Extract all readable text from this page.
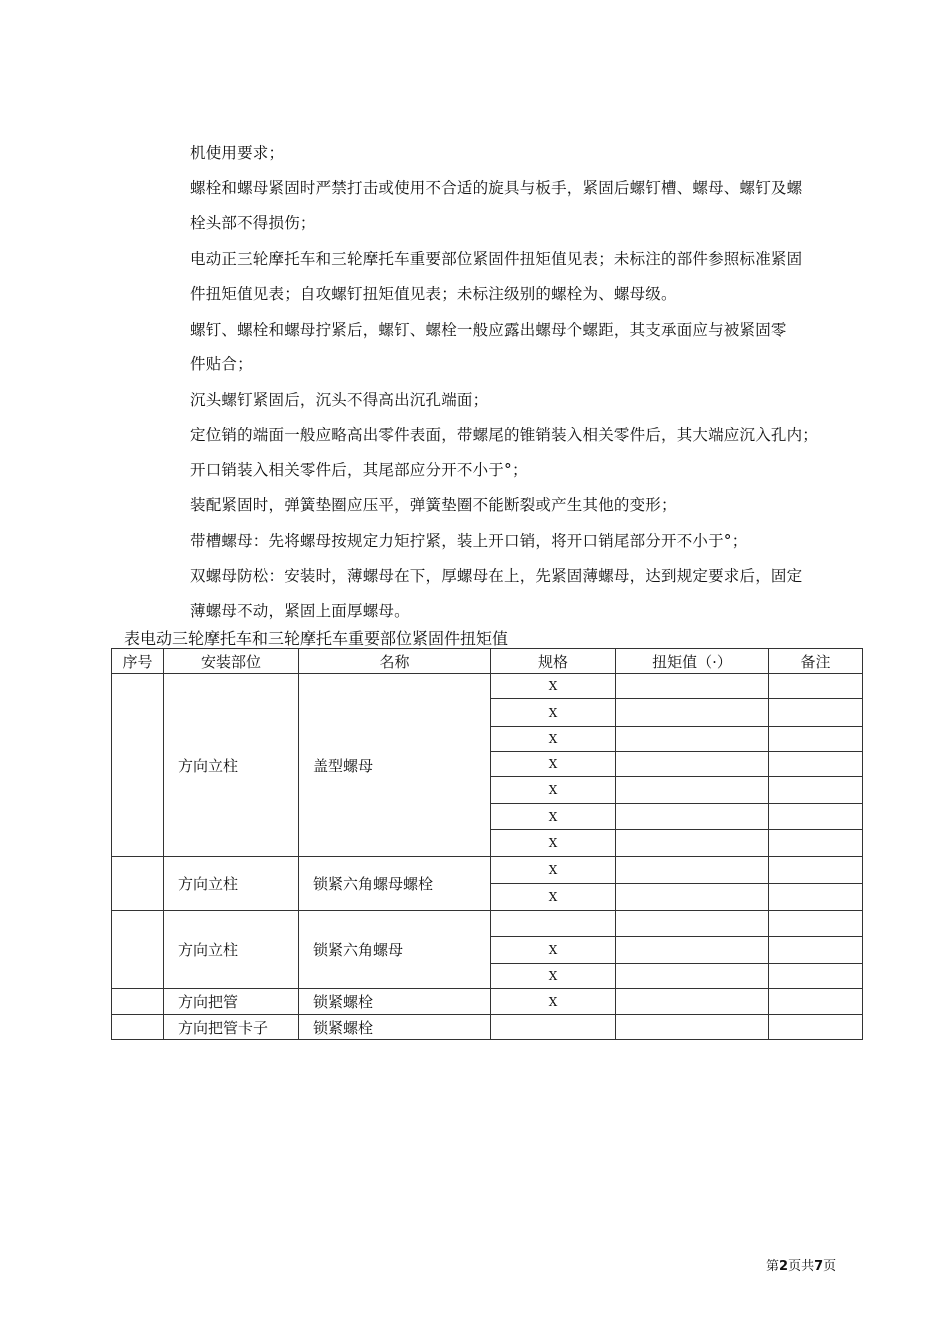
机使用要求；
螺栓和螺母紧固时严禁打击或使用不合适的旋具与板手，紧固后螺钉槽、螺母、螺钉及螺
栓头部不得损伤；
电动正三轮摩托车和三轮摩托车重要部位紧固件扭矩值见表；未标注的部件参照标准紧固
件扭矩值见表；自攻螺钉扭矩值见表；未标注级别的螺栓为、螺母级。
螺钉、螺栓和螺母拧紧后，螺钉、螺栓一般应露出螺母个螺距，其支承面应与被紧固零
件贴合；
沉头螺钉紧固后，沉头不得高出沉孔端面；
定位销的端面一般应略高出零件表面，带螺尾的锥销装入相关零件后，其大端应沉入孔内；
开口销装入相关零件后，其尾部应分开不小于°；
装配紧固时，弹簧垫圈应压平，弹簧垫圈不能断裂或产生其他的变形；
带槽螺母：先将螺母按规定力矩拧紧，装上开口销，将开口销尾部分开不小于°；
双螺母防松：安装时，薄螺母在下，厚螺母在上，先紧固薄螺母，达到规定要求后，固定
薄螺母不动，紧固上面厚螺母。
表电动三轮摩托车和三轮摩托车重要部位紧固件扭矩值
序号	安装部位	名称	规格	扭矩值（·）	备注
	方向立柱	盖型螺母	X		
			X		
			X		
			X		
			X		
			X		
			X		
	方向立柱	锁紧六角螺母螺栓	X		
			X		
	方向立柱	锁紧六角螺母			
			X		
			X		
	方向把管	锁紧螺栓	X		
	方向把管卡子	锁紧螺栓			
第2页共7页
